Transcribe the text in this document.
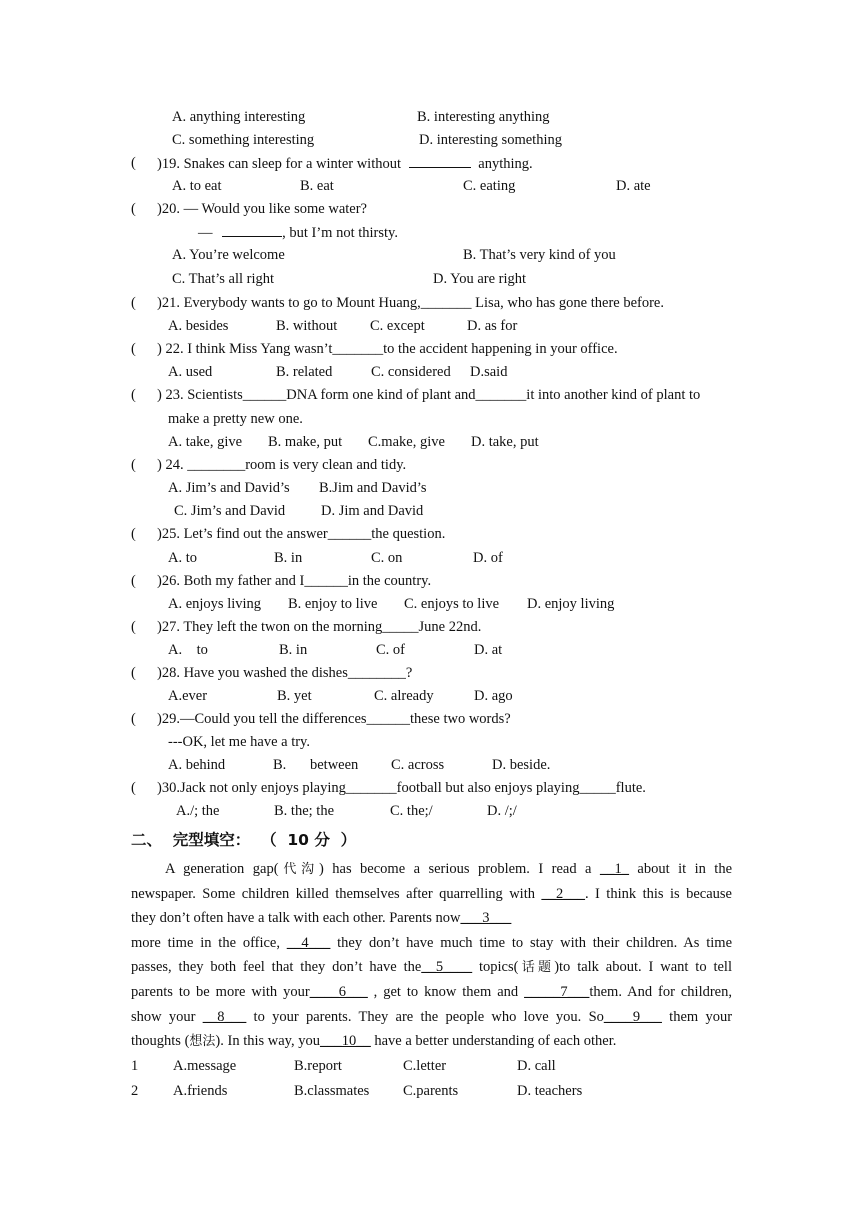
A. anything interesting	B. interesting anything
C. something interesting	D. interesting something
( )19. Snakes can sleep for a winter without	anything.
A. to eat	B. eat	C. eating	D. ate
( )20. — Would you like some water?
—	, but I’m not thirsty.
A. You’re welcome	B. That’s very kind of you
C. That’s all right	D. You are right
( )21. Everybody wants to go to Mount Huang,_______ Lisa, who has gone there before.
A. besides	B. without C. except	D. as for
( ) 22. I think Miss Yang wasn’t_______to the accident happening in your office.
A. used	B. related	C. considered D.said
( ) 23. Scientists______DNA form one kind of plant and_______it into another kind of plant to
make a pretty new one.
A. take, give B. make, put C.make, give D. take, put
( ) 24. ________room is very clean and tidy.
A. Jim’s and David’s B.Jim and David’s
C. Jim’s and David D. Jim and David
( )25. Let’s find out the answer______the question.
A. to	B. in	C. on	D. of
( )26. Both my father and I______in the country.
A. enjoys living B. enjoy to live C. enjoys to live D. enjoy living
( )27. They left the twon on the morning_____June 22nd.
A.    to	B. in	C. of	D. at
( )28. Have you washed the dishes________?
A.ever	B. yet	C. already	D. ago
( )29.—Could you tell the differences______these two words?
---OK, let me have a try.
A. behind	B. between C. across	D. beside.
( )30.Jack not only enjoys playing_______football but also enjoys playing_____flute.
A./; the	B. the; the	C. the;/	D. /;/
二、  完型填空：  （  10 分  ）
A generation gap(代沟) has become a serious problem. I read a __1_ about it in the
newspaper. Some children killed themselves after quarrelling with __2___. I think this is because
they don’t often have a talk with each other. Parents now___3___
more time in the office, __4___ they don’t have much time to stay with their children. As time
passes, they both feel that they don’t have the__5____ topics(话题)to talk about. I want to tell
parents to be more with your____6___ , get to know them and _____7___them. And for children,
show your __8___ to your parents. They are the people who love you. So____9___ them your
thoughts (想法). In this way, you___10__ have a better understanding of each other.
1 A.message	B.report	C.letter	D. call
2 A.friends	B.classmates C.parents	D. teachers
